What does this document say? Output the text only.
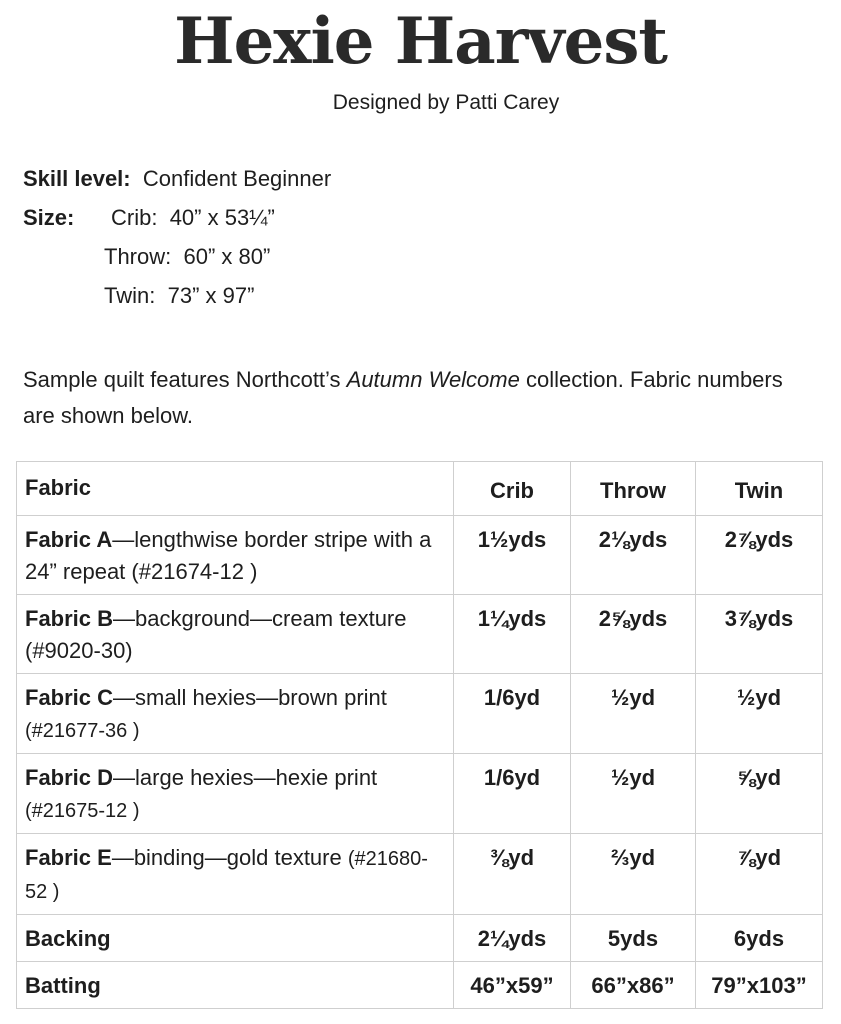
Hexie Harvest
Designed by Patti Carey
Skill level: Confident Beginner
Size: Crib: 40” x 53¼”
Throw: 60” x 80”
Twin: 73” x 97”
Sample quilt features Northcott’s Autumn Welcome collection. Fabric numbers are shown below.
Fabric	Crib	Throw	Twin
Fabric A—lengthwise border stripe with a 24” repeat (#21674-12 )	1½yds	2⅛yds	2⅞yds
Fabric B—background—cream texture (#9020-30)	1¼yds	2⅝yds	3⅞yds
Fabric C—small hexies—brown print (#21677-36 )	1/6yd	½yd	½yd
Fabric D—large hexies—hexie print (#21675-12 )	1/6yd	½yd	⅝yd
Fabric E—binding—gold texture (#21680-52 )	⅜yd	⅔yd	⅞yd
Backing	2¼yds	5yds	6yds
Batting	46”x59”	66”x86”	79”x103”
